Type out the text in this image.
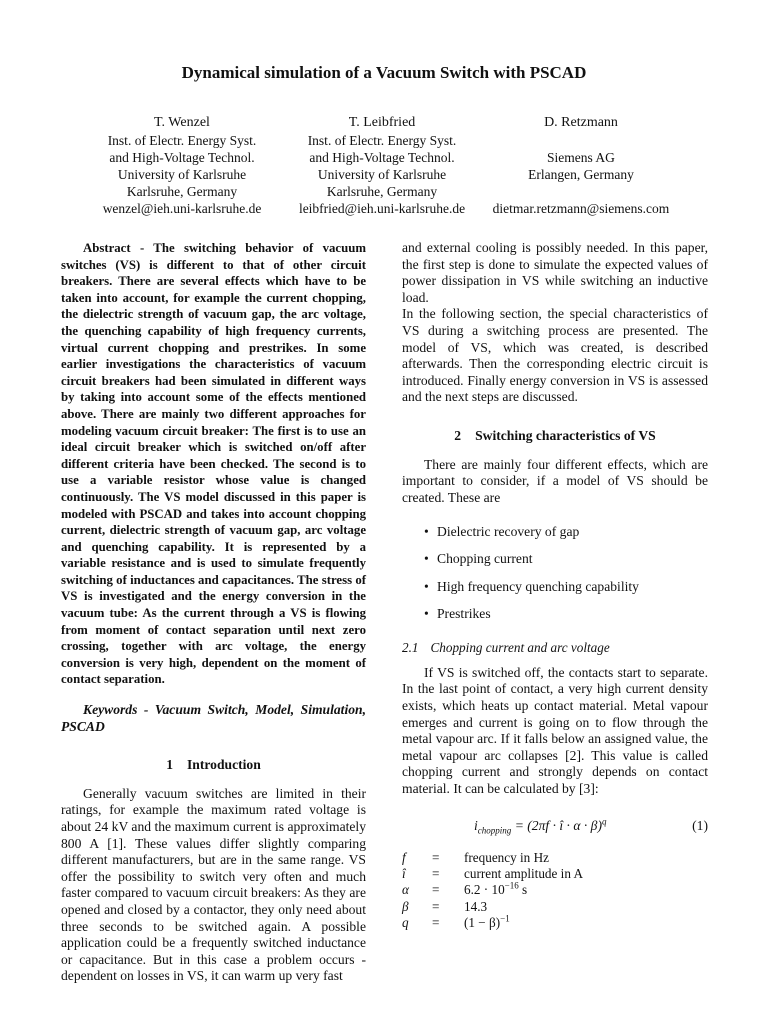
Dynamical simulation of a Vacuum Switch with PSCAD
T. Wenzel
Inst. of Electr. Energy Syst.
and High-Voltage Technol.
University of Karlsruhe
Karlsruhe, Germany
wenzel@ieh.uni-karlsruhe.de
T. Leibfried
Inst. of Electr. Energy Syst.
and High-Voltage Technol.
University of Karlsruhe
Karlsruhe, Germany
leibfried@ieh.uni-karlsruhe.de
D. Retzmann
Siemens AG
Erlangen, Germany
dietmar.retzmann@siemens.com

Abstract - The switching behavior of vacuum switches (VS) is different to that of other circuit breakers. There are several effects which have to be taken into account, for example the current chopping, the dielectric strength of vacuum gap, the arc voltage, the quenching capability of high frequency currents, virtual current chopping and prestrikes. In some earlier investigations the characteristics of vacuum circuit breakers had been simulated in different ways by taking into account some of the effects mentioned above. There are mainly two different approaches for modeling vacuum circuit breaker: The first is to use an ideal circuit breaker which is switched on/off after different criteria have been checked. The second is to use a variable resistor whose value is changed continuously. The VS model discussed in this paper is modeled with PSCAD and takes into account chopping current, dielectric strength of vacuum gap, arc voltage and quenching capability. It is represented by a variable resistance and is used to simulate frequently switching of inductances and capacitances. The stress of VS is investigated and the energy conversion in the vacuum tube: As the current through a VS is flowing from moment of contact separation until next zero crossing, together with arc voltage, the energy conversion is very high, dependent on the moment of contact separation.

Keywords - Vacuum Switch, Model, Simulation, PSCAD

1 Introduction

Generally vacuum switches are limited in their ratings, for example the maximum rated voltage is about 24 kV and the maximum current is approximately 800 A [1]. These values differ slightly comparing different manufacturers, but are in the same range. VS offer the possibility to switch very often and much faster compared to vacuum circuit breakers: As they are opened and closed by a contactor, they only need about three seconds to be switched again. A possible application could be a frequently switched inductance or capacitance. But in this case a problem occurs - dependent on losses in VS, it can warm up very fast

and external cooling is possibly needed. In this paper, the first step is done to simulate the expected values of power dissipation in VS while switching an inductive load.

In the following section, the special characteristics of VS during a switching process are presented. The model of VS, which was created, is described afterwards. Then the corresponding electric circuit is introduced. Finally energy conversion in VS is assessed and the next steps are discussed.

2 Switching characteristics of VS

There are mainly four different effects, which are important to consider, if a model of VS should be created. These are

• Dielectric recovery of gap
• Chopping current
• High frequency quenching capability
• Prestrikes
2.1 Chopping current and arc voltage

If VS is switched off, the contacts start to separate. In the last point of contact, a very high current density exists, which heats up contact material. Metal vapour emerges and current is going on to flow through the metal vapour arc. If it falls below an assigned value, the metal vapour arc collapses [2]. This value is called chopping current and strongly depends on contact material. It can be calculated by [3]:

$i_{chopping} = (2\pi f$ · î · α · β)$^q$	(1)
f	=	frequency in Hz
î	=	current amplitude in A
α	=	$6.2 \cdot 10^{-16}$ s
β	=	14.3
q	=	$(1 - \beta)^{-1}$
